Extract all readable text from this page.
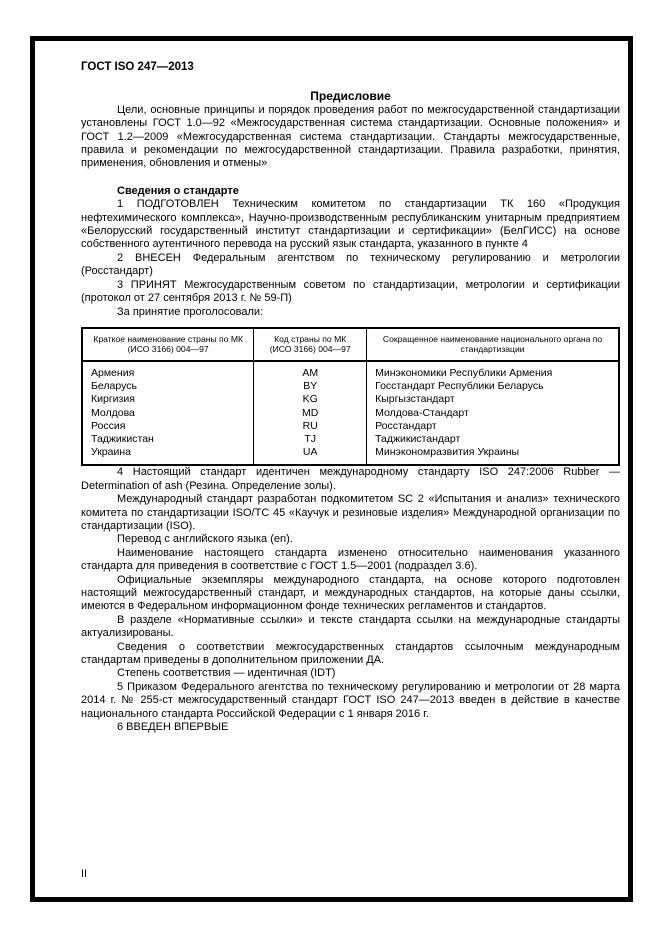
ГОСТ ISO 247—2013
Предисловие

Цели, основные принципы и порядок проведения работ по межгосударственной стандартизации установлены ГОСТ 1.0—92 «Межгосударственная система стандартизации. Основные положения» и ГОСТ 1.2—2009 «Межгосударственная система стандартизации. Стандарты межгосударственные, правила и рекомендации по межгосударственной стандартизации. Правила разработки, принятия, применения, обновления и отмены»

Сведения о стандарте

1 ПОДГОТОВЛЕН Техническим комитетом по стандартизации ТК 160 «Продукция нефтехимического комплекса», Научно-производственным республиканским унитарным предприятием «Белорусский государственный институт стандартизации и сертификации» (БелГИСС) на основе собственного аутентичного перевода на русский язык стандарта, указанного в пункте 4

2 ВНЕСЕН Федеральным агентством по техническому регулированию и метрологии (Росстандарт)

3 ПРИНЯТ Межгосударственным советом по стандартизации, метрологии и сертификации (протокол от 27 сентября 2013 г. № 59-П)

За принятие проголосовали:

Краткое наименование страны по МК (ИСО 3166) 004—97	Код страны по МК (ИСО 3166) 004—97	Сокращенное наименование национального органа по стандартизации
Армения	AM	Минэкономики Республики Армения
Беларусь	BY	Госстандарт Республики Беларусь
Киргизия	KG	Кыргызстандарт
Молдова	MD	Молдова-Стандарт
Россия	RU	Росстандарт
Таджикистан	TJ	Таджикистандарт
Украина	UA	Минэкономразвития Украины

4 Настоящий стандарт идентичен международному стандарту ISO 247:2006 Rubber — Determination of ash (Резина. Определение золы).

Международный стандарт разработан подкомитетом SC 2 «Испытания и анализ» технического комитета по стандартизации ISO/TC 45 «Каучук и резиновые изделия» Международной организации по стандартизации (ISO).

Перевод с английского языка (en).

Наименование настоящего стандарта изменено относительно наименования указанного стандарта для приведения в соответствие с ГОСТ 1.5—2001 (подраздел 3.6).

Официальные экземпляры международного стандарта, на основе которого подготовлен настоящий межгосударственный стандарт, и международных стандартов, на которые даны ссылки, имеются в Федеральном информационном фонде технических регламентов и стандартов.

В разделе «Нормативные ссылки» и тексте стандарта ссылки на международные стандарты актуализированы.

Сведения о соответствии межгосударственных стандартов ссылочным международным стандартам приведены в дополнительном приложении ДА.

Степень соответствия — идентичная (IDT)

5 Приказом Федерального агентства по техническому регулированию и метрологии от 28 марта 2014 г. № 255-ст межгосударственный стандарт ГОСТ ISO 247—2013 введен в действие в качестве национального стандарта Российской Федерации с 1 января 2016 г.

6 ВВЕДЕН ВПЕРВЫЕ

II
